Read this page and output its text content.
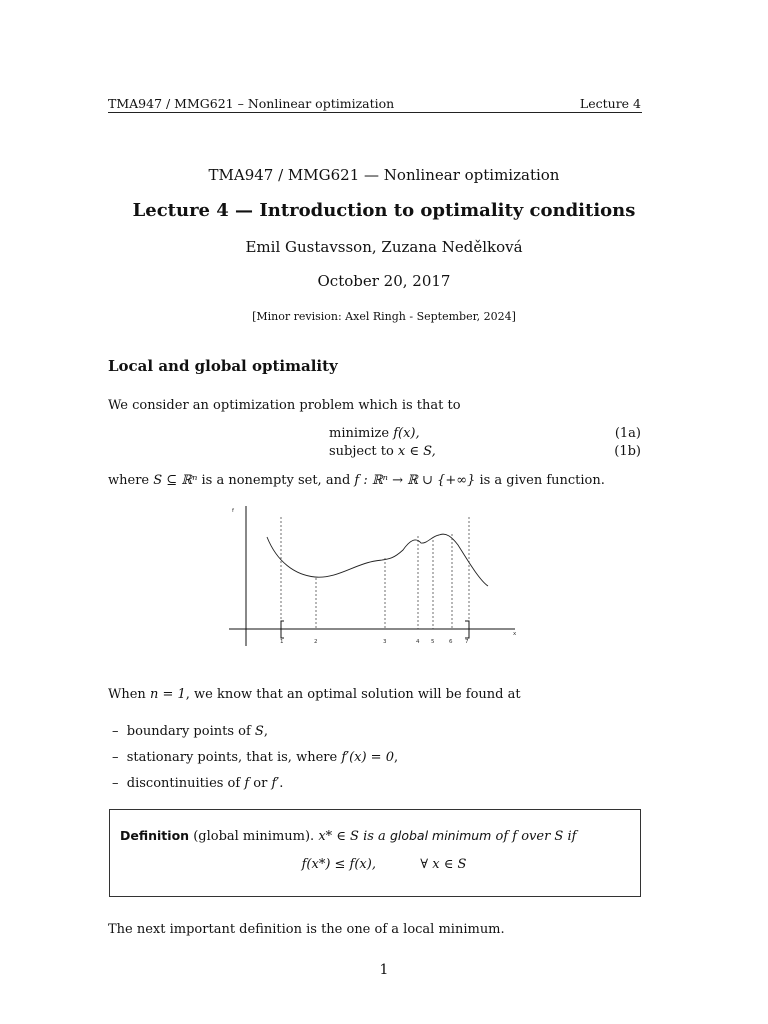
TMA947 / MMG621 – Nonlinear optimization	Lecture 4
TMA947 / MMG621 — Nonlinear optimization
Lecture 4 — Introduction to optimality conditions
Emil Gustavsson, Zuzana Nedělková
October 20, 2017
[Minor revision: Axel Ringh - September, 2024]
Local and global optimality
We consider an optimization problem which is that to
minimize f(x),	(1a)
subject to x ∈ S,	(1b)
where S ⊆ ℝⁿ is a nonempty set, and f : ℝⁿ → ℝ ∪ {+∞} is a given function.
f
x
1	2	3	4 5	6 7
When n = 1, we know that an optimal solution will be found at
– boundary points of S,
– stationary points, that is, where f′(x) = 0,
– discontinuities of f or f′.
Definition (global minimum). x* ∈ S is a global minimum of f over S if
f(x*) ≤ f(x),	∀ x ∈ S
The next important definition is the one of a local minimum.
1
